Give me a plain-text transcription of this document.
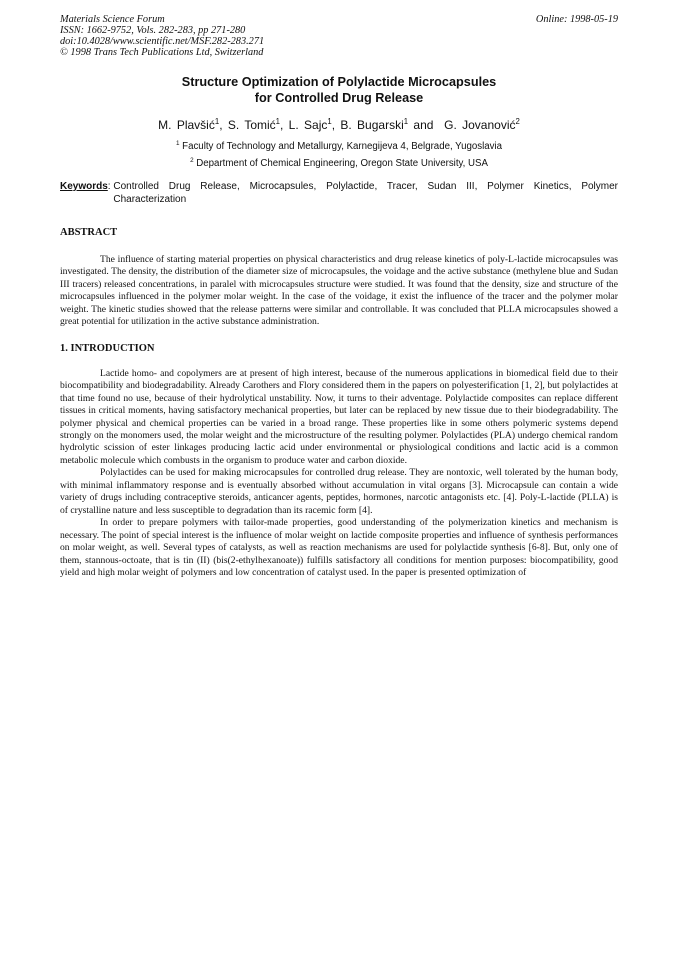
Materials Science Forum
ISSN: 1662-9752, Vols. 282-283, pp 271-280
doi:10.4028/www.scientific.net/MSF.282-283.271
© 1998 Trans Tech Publications Ltd, Switzerland
Online: 1998-05-19
Structure Optimization of Polylactide Microcapsules
for Controlled Drug Release
M. Plavšić$^1$, S. Tomić$^1$, L. Sajc$^1$, B. Bugarski$^1$ and  G. Jovanović$^2$
$^1$ Faculty of Technology and Metallurgy, Karnegijeva 4, Belgrade, Yugoslavia
$^2$ Department of Chemical Engineering, Oregon State University, USA
Keywords : Controlled Drug Release, Microcapsules, Polylactide, Tracer, Sudan III, Polymer Kinetics, Polymer Characterization
ABSTRACT

The influence of starting material properties on physical characteristics and drug release kinetics of poly-L-lactide microcapsules was investigated. The density, the distribution of the diameter size of microcapsules, the voidage and the active substance (methylene blue and Sudan III tracers) released concentrations, in paralel with microcapsules structure were studied. It was found that the density, size and structure of the microcapsules influenced in the polymer molar weight. In the case of the voidage, it exist the influence of the tracer and the polymer molar weight. The kinetic studies showed that the release patterns were similar and controllable. It was concluded that PLLA microcapsules showed a great potential for utilization in the active substance administration.

1. INTRODUCTION

Lactide homo- and copolymers are at present of high interest, because of the numerous applications in biomedical field due to their biocompatibility and biodegradability. Already Carothers and Flory considered them in the papers on polyesterification [1, 2], but polylactides at that time found no use, because of their hydrolytical unstability. Now, it turns to their adventage. Polylactide composites can replace different tissues in critical moments, having satisfactory mechanical properties, but later can be replaced by new tissue due to their biodegradability. The polymer physical and chemical properties can be varied in a broad range. These properties like in some others polymeric systems depend strongly on the monomers used, the molar weight and the microstructure of the resulting polymer. Polylactides (PLA) undergo chemical random hydrolytic scission of ester linkages producing lactic acid under environmental or physiological conditions and lactic acid is a common metabolic molecule which combusts in the organism to produce water and carbon dioxide.

Polylactides can be used for making microcapsules for controlled drug release. They are nontoxic, well tolerated by the human body, with minimal inflammatory response and is eventually absorbed without accumulation in vital organs [3]. Microcapsule can contain a wide variety of drugs including contraceptive steroids, anticancer agents, peptides, hormones, narcotic antagonists etc. [4]. Poly-L-lactide (PLLA) is of crystalline nature and less susceptible to degradation than its racemic form [4].

In order to prepare polymers with tailor-made properties, good understanding of the polymerization kinetics and mechanism is necessary. The point of special interest is the influence of molar weight on lactide composite properties and influence of synthesis performances on molar weight, as well. Several types of catalysts, as well as reaction mechanisms are used for polylactide synthesis [6-8]. But, only one of them, stannous-octoate, that is tin (II) (bis(2-ethylhexanoate)) fulfills satisfactory all conditions for mention purposes: biocompatibility, good yield and high molar weight of polymers and low concentration of catalyst used. In the paper is presented optimization of
